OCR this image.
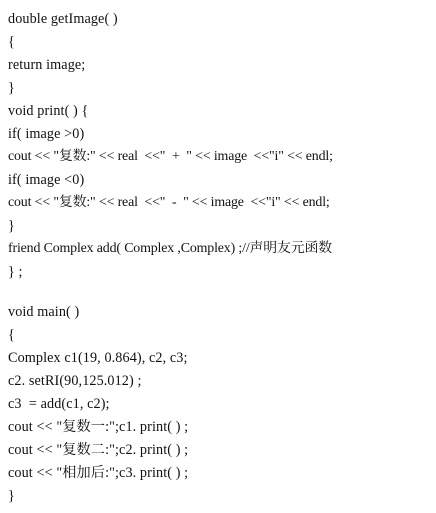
double getImage( )
{
return image;
}
void print( ) {
if( image >0)
cout << "复数:" << real  <<"  +  " << image  <<"i" << endl;
if( image <0)
cout << "复数:" << real  <<"  -  " << image  <<"i" << endl;
}
friend Complex add( Complex ,Complex) ;//声明友元函数
} ;
void main( )
{
Complex c1(19, 0.864), c2, c3;
c2. setRI(90,125.012) ;
c3  = add(c1, c2);
cout << "复数一:";c1. print( ) ;
cout << "复数二:";c2. print( ) ;
cout << "相加后:";c3. print( ) ;
}
